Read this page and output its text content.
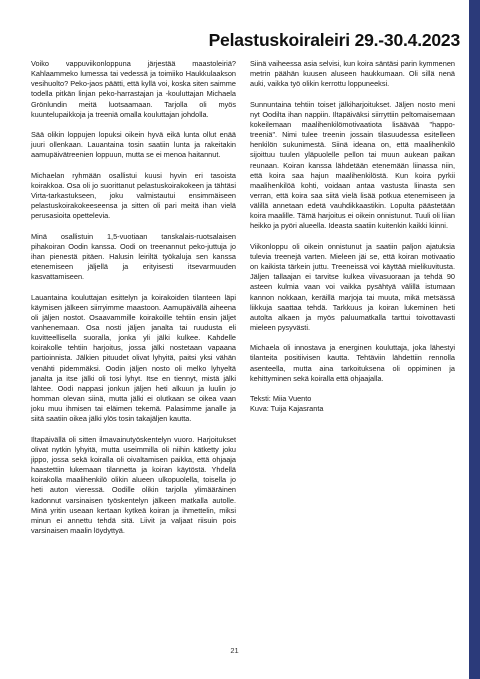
Pelastuskoiraleiri 29.-30.4.2023

Voiko vappuviikonloppuna järjestää maastoleiriä? Kahlaammeko lumessa tai vedessä ja toimiiko Haukkulaakson vesihuolto? Peko-jaos päätti, että kyllä voi, koska siten saimme todella pitkän linjan peko-harrastajan ja -kouluttajan Michaela Grönlundin meitä luotsaamaan. Tarjolla oli myös kuuntelupaikkoja ja treeniä omalla kouluttajan johdolla.

Sää olikin loppujen lopuksi oikein hyvä eikä lunta ollut enää juuri ollenkaan. Lauantaina tosin saatiin lunta ja rakeitakin aamupäivätreenien loppuun, mutta se ei menoa haitannut.

Michaelan ryhmään osallistui kuusi hyvin eri tasoista koirakkoa. Osa oli jo suorittanut pelastuskoirakokeen ja tähtäsi Virta-tarkastukseen, joku valmistautui ensimmäiseen pelastuskoirakokeeseensa ja sitten oli pari meitä ihan vielä perusasioita opettelevia.

Minä osallistuin 1,5-vuotiaan tanskalais-ruotsalaisen pihakoiran Oodin kanssa. Oodi on treenannut peko-juttuja jo ihan pienestä pitäen. Halusin leiriltä työkaluja sen kanssa etenemiseen jäljellä ja erityisesti itsevarmuuden kasvattamiseen.

Lauantaina kouluttajan esittelyn ja koirakoiden tilanteen läpi käymisen jälkeen siirryimme maastoon. Aamupäivällä aiheena oli jäljen nostot. Osaavammille koirakoille tehtiin ensin jäljet vanhenemaan. Osa nosti jäljen janalta tai ruudusta eli kuvitteellisella suoralla, jonka yli jälki kulkee. Kahdelle koirakolle tehtiin harjoitus, jossa jälki nostetaan vapaana partioinnista. Jälkien pituudet olivat lyhyitä, paitsi yksi vähän venähti pidemmäksi. Oodin jäljen nosto oli melko lyhyeltä janalta ja itse jälki oli tosi lyhyt. Itse en tiennyt, mistä jälki lähtee. Oodi nappasi jonkun jäljen heti alkuun ja luulin jo homman olevan siinä, mutta jälki ei olutkaan se oikea vaan joku muu ihmisen tai eläimen tekemä. Palasimme janalle ja siitä saatiin oikea jälki ylös tosin takajäljen kautta.

Iltapäivällä oli sitten ilmavainutyöskentelyn vuoro. Harjoitukset olivat nytkin lyhyitä, mutta useimmilla oli niihin kätketty joku jippo, jossa sekä koiralla oli oivaltamisen paikka, että ohjaaja haastettiin lukemaan tilannetta ja koiran käytöstä. Yhdellä koirakolla maalihenkilö olikin alueen ulkopuolella, toisella jo heti auton vieressä. Oodille olikin tarjolla ylimääräinen kadonnut varsinaisen työskentelyn jälkeen matkalla autolle. Minä yritin useaan kertaan kytkeä koiran ja ihmettelin, miksi minun ei annettu tehdä sitä. Liivit ja valjaat riisuin pois varsinaisen maalin löydyttyä.

Siinä vaiheessa asia selvisi, kun koira säntäsi parin kymmenen metrin päähän kuusen aluseen haukkumaan. Oli sillä nenä auki, vaikka työ olikin kerrottu loppuneeksi.

Sunnuntaina tehtiin toiset jälkiharjoitukset. Jäljen nosto meni nyt Oodilta ihan nappiin. Iltapäiväksi siirryttiin peltomaisemaan kokeilemaan maalihenkilömotivaatiota lisäävää "happo-treeniä". Nimi tulee treenin jossain tilasuudessa esitelleen henkilön sukunimestä. Siinä ideana on, että maalihenkilö sijoittuu tuulen yläpuolelle pellon tai muun aukean paikan reunaan. Koiran kanssa lähdetään etenemään liinassa niin, että koira saa hajun maalihenkilöstä. Kun koira pyrkii maalihenkilöä kohti, voidaan antaa vastusta liinasta sen verran, että koira saa siitä vielä lisää potkua etenemiseen ja välillä annetaan edetä vauhdikkaastikin. Lopulta päästetään koira maalille. Tämä harjoitus ei oikein onnistunut. Tuuli oli liian heikko ja pyöri alueella. Ideasta saatiin kuitenkin kaikki kiinni.

Viikonloppu oli oikein onnistunut ja saatiin paljon ajatuksia tulevia treenejä varten. Mieleen jäi se, että koiran motivaatio on kaikista tärkein juttu. Treeneissä voi käyttää mielikuvitusta. Jäljen tallaajan ei tarvitse kulkea viivasuoraan ja tehdä 90 asteen kulmia vaan voi vaikka pysähtyä välillä istumaan kannon nokkaan, keräillä marjoja tai muuta, mikä metsässä liikkuja saattaa tehdä. Tarkkuus ja koiran lukeminen heti autolta alkaen ja myös paluumatkalla tarttui toivottavasti mieleen pysyvästi.

Michaela oli innostava ja energinen kouluttaja, joka lähestyi tilanteita positiivisen kautta. Tehtäviin lähdettiin rennolla asenteella, mutta aina tarkoituksena oli oppiminen ja kehittyminen sekä koiralla että ohjaajalla.

Teksti: Miia Vuento
Kuva: Tuija Kajasranta

21
